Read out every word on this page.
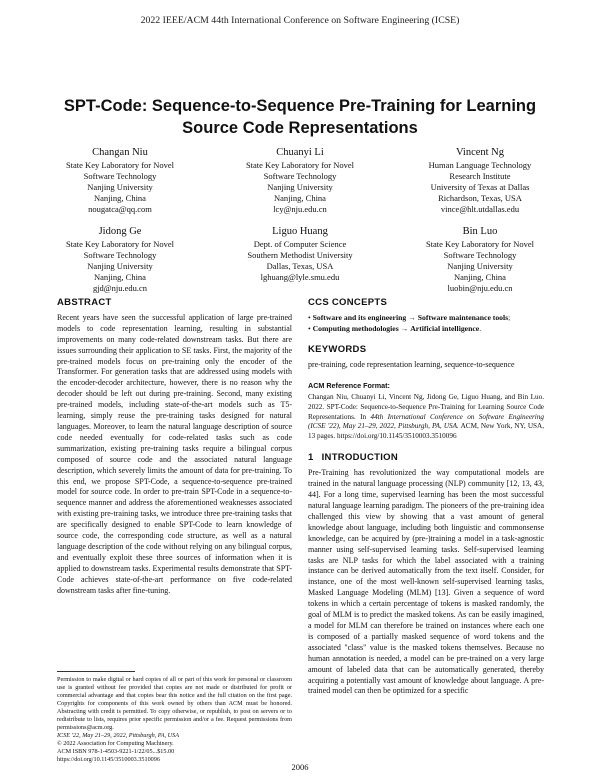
2022 IEEE/ACM 44th International Conference on Software Engineering (ICSE)
SPT-Code: Sequence-to-Sequence Pre-Training for Learning
Source Code Representations
Changan Niu
State Key Laboratory for Novel
Software Technology
Nanjing University
Nanjing, China
nougatca@qq.com
Chuanyi Li
State Key Laboratory for Novel
Software Technology
Nanjing University
Nanjing, China
lcy@nju.edu.cn
Vincent Ng
Human Language Technology
Research Institute
University of Texas at Dallas
Richardson, Texas, USA
vince@hlt.utdallas.edu
Jidong Ge
State Key Laboratory for Novel
Software Technology
Nanjing University
Nanjing, China
gjd@nju.edu.cn
Liguo Huang
Dept. of Computer Science
Southern Methodist University
Dallas, Texas, USA
lghuang@lyle.smu.edu
Bin Luo
State Key Laboratory for Novel
Software Technology
Nanjing University
Nanjing, China
luobin@nju.edu.cn
ABSTRACT

Recent years have seen the successful application of large pre-trained models to code representation learning, resulting in substantial improvements on many code-related downstream tasks. But there are issues surrounding their application to SE tasks. First, the majority of the pre-trained models focus on pre-training only the encoder of the Transformer. For generation tasks that are addressed using models with the encoder-decoder architecture, however, there is no reason why the decoder should be left out during pre-training. Second, many existing pre-trained models, including state-of-the-art models such as T5-learning, simply reuse the pre-training tasks designed for natural languages. Moreover, to learn the natural language description of source code needed eventually for code-related tasks such as code summarization, existing pre-training tasks require a bilingual corpus composed of source code and the associated natural language description, which severely limits the amount of data for pre-training. To this end, we propose SPT-Code, a sequence-to-sequence pre-trained model for source code. In order to pre-train SPT-Code in a sequence-to-sequence manner and address the aforementioned weaknesses associated with existing pre-training tasks, we introduce three pre-training tasks that are specifically designed to enable SPT-Code to learn knowledge of source code, the corresponding code structure, as well as a natural language description of the code without relying on any bilingual corpus, and eventually exploit these three sources of information when it is applied to downstream tasks. Experimental results demonstrate that SPT-Code achieves state-of-the-art performance on five code-related downstream tasks after fine-tuning.

Permission to make digital or hard copies of all or part of this work for personal or classroom use is granted without fee provided that copies are not made or distributed for profit or commercial advantage and that copies bear this notice and the full citation on the first page. Copyrights for components of this work owned by others than ACM must be honored. Abstracting with credit is permitted. To copy otherwise, or republish, to post on servers or to redistribute to lists, requires prior specific permission and/or a fee. Request permissions from permissions@acm.org.
ICSE '22, May 21–29, 2022, Pittsburgh, PA, USA
© 2022 Association for Computing Machinery.
ACM ISBN 978-1-4503-9221-1/22/05...$15.00
https://doi.org/10.1145/3510003.3510096
CCS CONCEPTS

• Software and its engineering → Software maintenance tools;

• Computing methodologies → Artificial intelligence.

KEYWORDS

pre-training, code representation learning, sequence-to-sequence

ACM Reference Format:

Changan Niu, Chuanyi Li, Vincent Ng, Jidong Ge, Liguo Huang, and Bin Luo. 2022. SPT-Code: Sequence-to-Sequence Pre-Training for Learning Source Code Representations. In 44th International Conference on Software Engineering (ICSE '22), May 21–29, 2022, Pittsburgh, PA, USA. ACM, New York, NY, USA, 13 pages. https://doi.org/10.1145/3510003.3510096

1 INTRODUCTION

Pre-Training has revolutionized the way computational models are trained in the natural language processing (NLP) community [12, 13, 43, 44]. For a long time, supervised learning has been the most successful natural language learning paradigm. The pioneers of the pre-training idea challenged this view by showing that a vast amount of general knowledge about language, including both linguistic and commonsense knowledge, can be acquired by (pre-)training a model in a task-agnostic manner using self-supervised learning tasks. Self-supervised learning tasks are NLP tasks for which the label associated with a training instance can be derived automatically from the text itself. Consider, for instance, one of the most well-known self-supervised learning tasks, Masked Language Modeling (MLM) [13]. Given a sequence of word tokens in which a certain percentage of tokens is masked randomly, the goal of MLM is to predict the masked tokens. As can be easily imagined, a model for MLM can therefore be trained on instances where each one is composed of a partially masked sequence of word tokens and the associated "class" value is the masked tokens themselves. Because no human annotation is needed, a model can be pre-trained on a very large amount of labeled data that can be automatically generated, thereby acquiring a potentially vast amount of knowledge about language. A pre-trained model can then be optimized for a specific

2006
